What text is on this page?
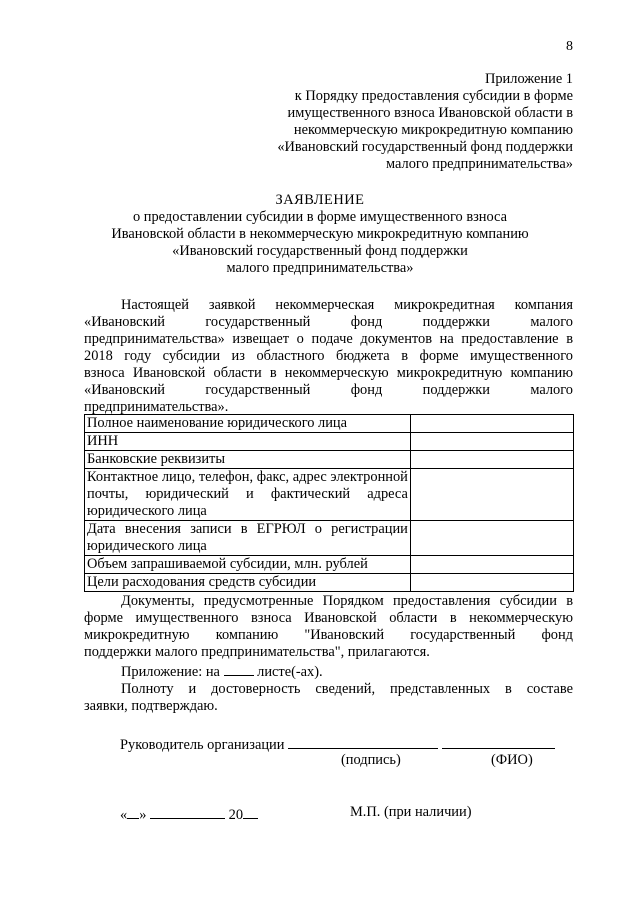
8
Приложение 1
к Порядку предоставления субсидии в форме
имущественного взноса Ивановской области в
некоммерческую микрокредитную компанию
«Ивановский государственный фонд поддержки
малого предпринимательства»
ЗАЯВЛЕНИЕ
о предоставлении субсидии в форме имущественного взноса
Ивановской области в некоммерческую микрокредитную компанию
«Ивановский государственный фонд поддержки
малого предпринимательства»
Настоящей заявкой некоммерческая микрокредитная компания
«Ивановский государственный фонд поддержки малого
предпринимательства» извещает о подаче документов на предоставление в
2018 году субсидии из областного бюджета в форме имущественного
взноса Ивановской области в некоммерческую микрокредитную компанию
«Ивановский государственный фонд поддержки малого
предпринимательства».
Полное наименование юридического лица	
ИНН	
Банковские реквизиты	
Контактное лицо, телефон, факс, адрес электронной почты, юридический и фактический адреса юридического лица	
Дата внесения записи в ЕГРЮЛ о регистрации юридического лица	
Объем запрашиваемой субсидии, млн. рублей	
Цели расходования средств субсидии	
Документы, предусмотренные Порядком предоставления субсидии в
форме имущественного взноса Ивановской области в некоммерческую
микрокредитную компанию "Ивановский государственный фонд
поддержки малого предпринимательства", прилагаются.
Приложение: на	листе(-ах).
Полноту и достоверность сведений, представленных в составе
заявки, подтверждаю.
Руководитель организации
(подпись)	(ФИО)
« »	20	М.П. (при наличии)
